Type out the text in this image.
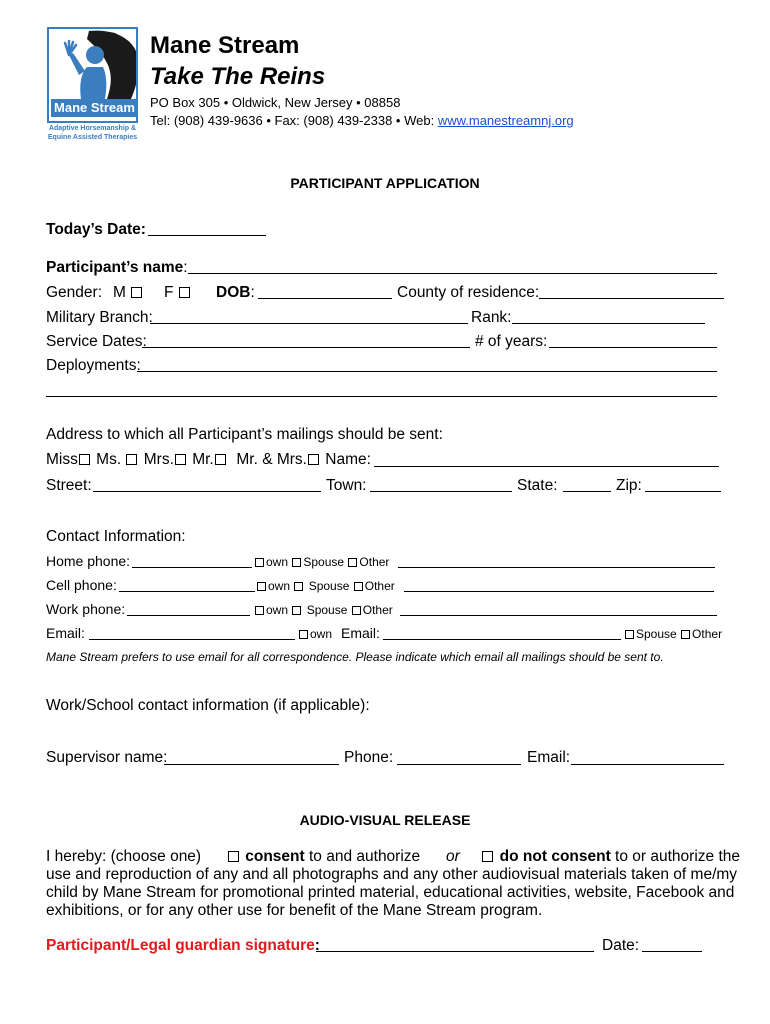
Mane Stream
Adaptive Horsemanship &
Equine Assisted Therapies
Mane Stream
Take The Reins
PO Box 305 • Oldwick, New Jersey • 08858
Tel: (908) 439-9636 • Fax: (908) 439-2338 • Web: www.manestreamnj.org
PARTICIPANT APPLICATION
Today’s Date:
Participant’s name:
Gender: M	F	DOB:	County of residence:
Military Branch:	Rank:
Service Dates:	# of years:
Deployments:
Address to which all Participant’s mailings should be sent:
Miss Ms. Mrs. Mr. Mr. & Mrs. Name:
Street:	Town:	State:	Zip:
Contact Information:
Home phone:	own Spouse Other
Cell phone:	own Spouse Other
Work phone:	own Spouse Other
Email:	own Email:	Spouse Other
Mane Stream prefers to use email for all correspondence. Please indicate which email all mailings should be sent to.
Work/School contact information (if applicable):
Supervisor name:	Phone:	Email:
AUDIO-VISUAL RELEASE
I hereby: (choose one)	consent to and authorize or	do not consent to or authorize the
use and reproduction of any and all photographs and any other audiovisual materials taken of me/my
child by Mane Stream for promotional printed material, educational activities, website, Facebook and
exhibitions, or for any other use for benefit of the Mane Stream program.
Participant/Legal guardian signature:	Date:
